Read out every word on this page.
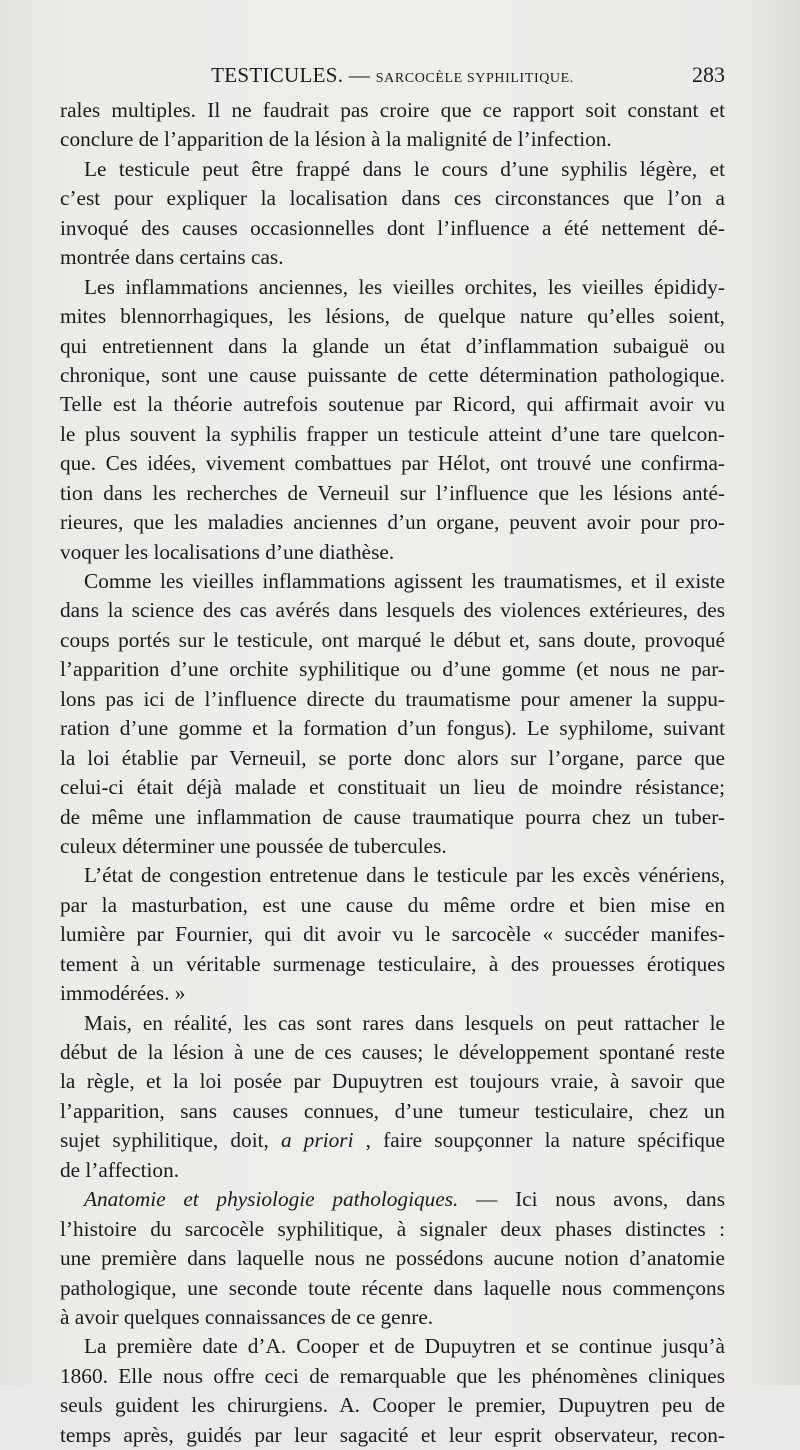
TESTICULES. — SARCOCÈLE SYPHILITIQUE.	283
rales multiples. Il ne faudrait pas croire que ce rapport soit constant et
conclure de l’apparition de la lésion à la malignité de l’infection.
Le testicule peut être frappé dans le cours d’une syphilis légère, et
c’est pour expliquer la localisation dans ces circonstances que l’on a
invoqué des causes occasionnelles dont l’influence a été nettement dé-
montrée dans certains cas.
Les inflammations anciennes, les vieilles orchites, les vieilles épididy-
mites blennorrhagiques, les lésions, de quelque nature qu’elles soient,
qui entretiennent dans la glande un état d’inflammation subaiguë ou
chronique, sont une cause puissante de cette détermination pathologique.
Telle est la théorie autrefois soutenue par Ricord, qui affirmait avoir vu
le plus souvent la syphilis frapper un testicule atteint d’une tare quelcon-
que. Ces idées, vivement combattues par Hélot, ont trouvé une confirma-
tion dans les recherches de Verneuil sur l’influence que les lésions anté-
rieures, que les maladies anciennes d’un organe, peuvent avoir pour pro-
voquer les localisations d’une diathèse.
Comme les vieilles inflammations agissent les traumatismes, et il existe
dans la science des cas avérés dans lesquels des violences extérieures, des
coups portés sur le testicule, ont marqué le début et, sans doute, provoqué
l’apparition d’une orchite syphilitique ou d’une gomme (et nous ne par-
lons pas ici de l’influence directe du traumatisme pour amener la suppu-
ration d’une gomme et la formation d’un fongus). Le syphilome, suivant
la loi établie par Verneuil, se porte donc alors sur l’organe, parce que
celui-ci était déjà malade et constituait un lieu de moindre résistance;
de même une inflammation de cause traumatique pourra chez un tuber-
culeux déterminer une poussée de tubercules.
L’état de congestion entretenue dans le testicule par les excès vénériens,
par la masturbation, est une cause du même ordre et bien mise en
lumière par Fournier, qui dit avoir vu le sarcocèle « succéder manifes-
tement à un véritable surmenage testiculaire, à des prouesses érotiques
immodérées. »
Mais, en réalité, les cas sont rares dans lesquels on peut rattacher le
début de la lésion à une de ces causes; le développement spontané reste
la règle, et la loi posée par Dupuytren est toujours vraie, à savoir que
l’apparition, sans causes connues, d’une tumeur testiculaire, chez un
sujet syphilitique, doit, a priori , faire soupçonner la nature spécifique
de l’affection.
Anatomie et physiologie pathologiques. — Ici nous avons, dans
l’histoire du sarcocèle syphilitique, à signaler deux phases distinctes :
une première dans laquelle nous ne possédons aucune notion d’anatomie
pathologique, une seconde toute récente dans laquelle nous commençons
à avoir quelques connaissances de ce genre.
La première date d’A. Cooper et de Dupuytren et se continue jusqu’à
1860. Elle nous offre ceci de remarquable que les phénomènes cliniques
seuls guident les chirurgiens. A. Cooper le premier, Dupuytren peu de
temps après, guidés par leur sagacité et leur esprit observateur, recon-
